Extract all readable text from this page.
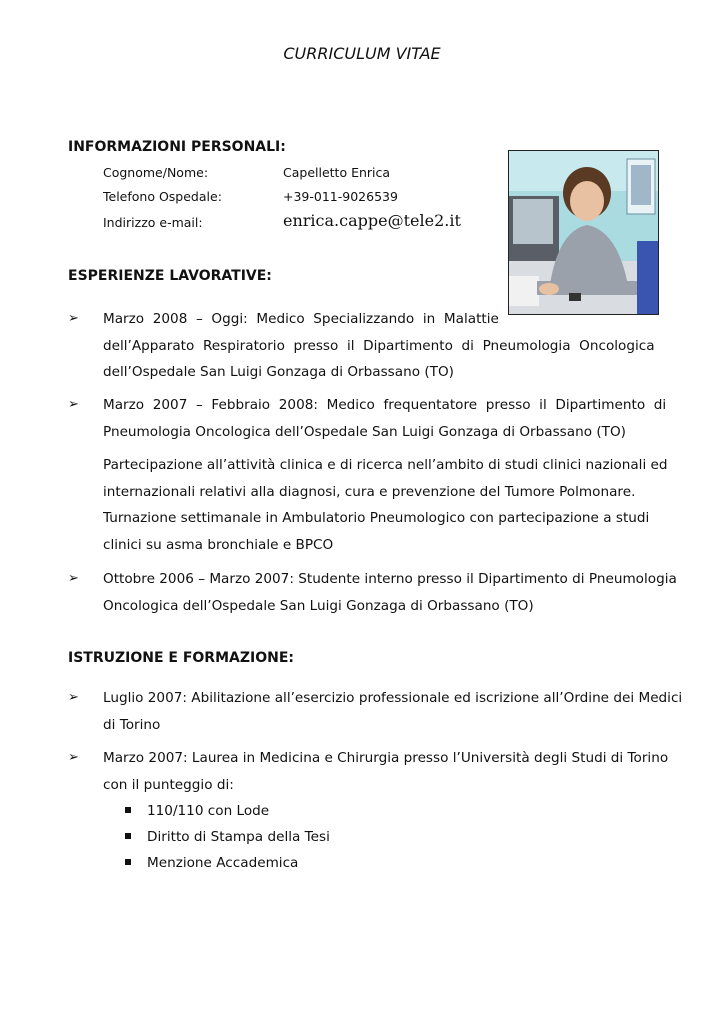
CURRICULUM VITAE
INFORMAZIONI PERSONALI:
Cognome/Nome:	Capelletto Enrica
Telefono Ospedale:	+39-011-9026539
Indirizzo e-mail:	enrica.cappe@tele2.it
ESPERIENZE LAVORATIVE:
➢ Marzo  2008  –  Oggi:  Medico  Specializzando  in  Malattie
dell’Apparato  Respiratorio  presso  il  Dipartimento  di  Pneumologia  Oncologica
dell’Ospedale San Luigi Gonzaga di Orbassano (TO)
➢ Marzo  2007  –  Febbraio  2008:  Medico  frequentatore  presso  il  Dipartimento  di
Pneumologia Oncologica dell’Ospedale San Luigi Gonzaga di Orbassano (TO)
Partecipazione all’attività clinica e di ricerca nell’ambito di studi clinici nazionali ed
internazionali relativi alla diagnosi, cura e prevenzione del Tumore Polmonare.
Turnazione settimanale in Ambulatorio Pneumologico con partecipazione a studi
clinici su asma bronchiale e BPCO
➢ Ottobre 2006 – Marzo 2007: Studente interno presso il Dipartimento di Pneumologia
Oncologica dell’Ospedale San Luigi Gonzaga di Orbassano (TO)
ISTRUZIONE E FORMAZIONE:
➢ Luglio 2007: Abilitazione all’esercizio professionale ed iscrizione all’Ordine dei Medici
di Torino
➢ Marzo 2007: Laurea in Medicina e Chirurgia presso l’Università degli Studi di Torino
con il punteggio di:
110/110 con Lode
Diritto di Stampa della Tesi
Menzione Accademica
